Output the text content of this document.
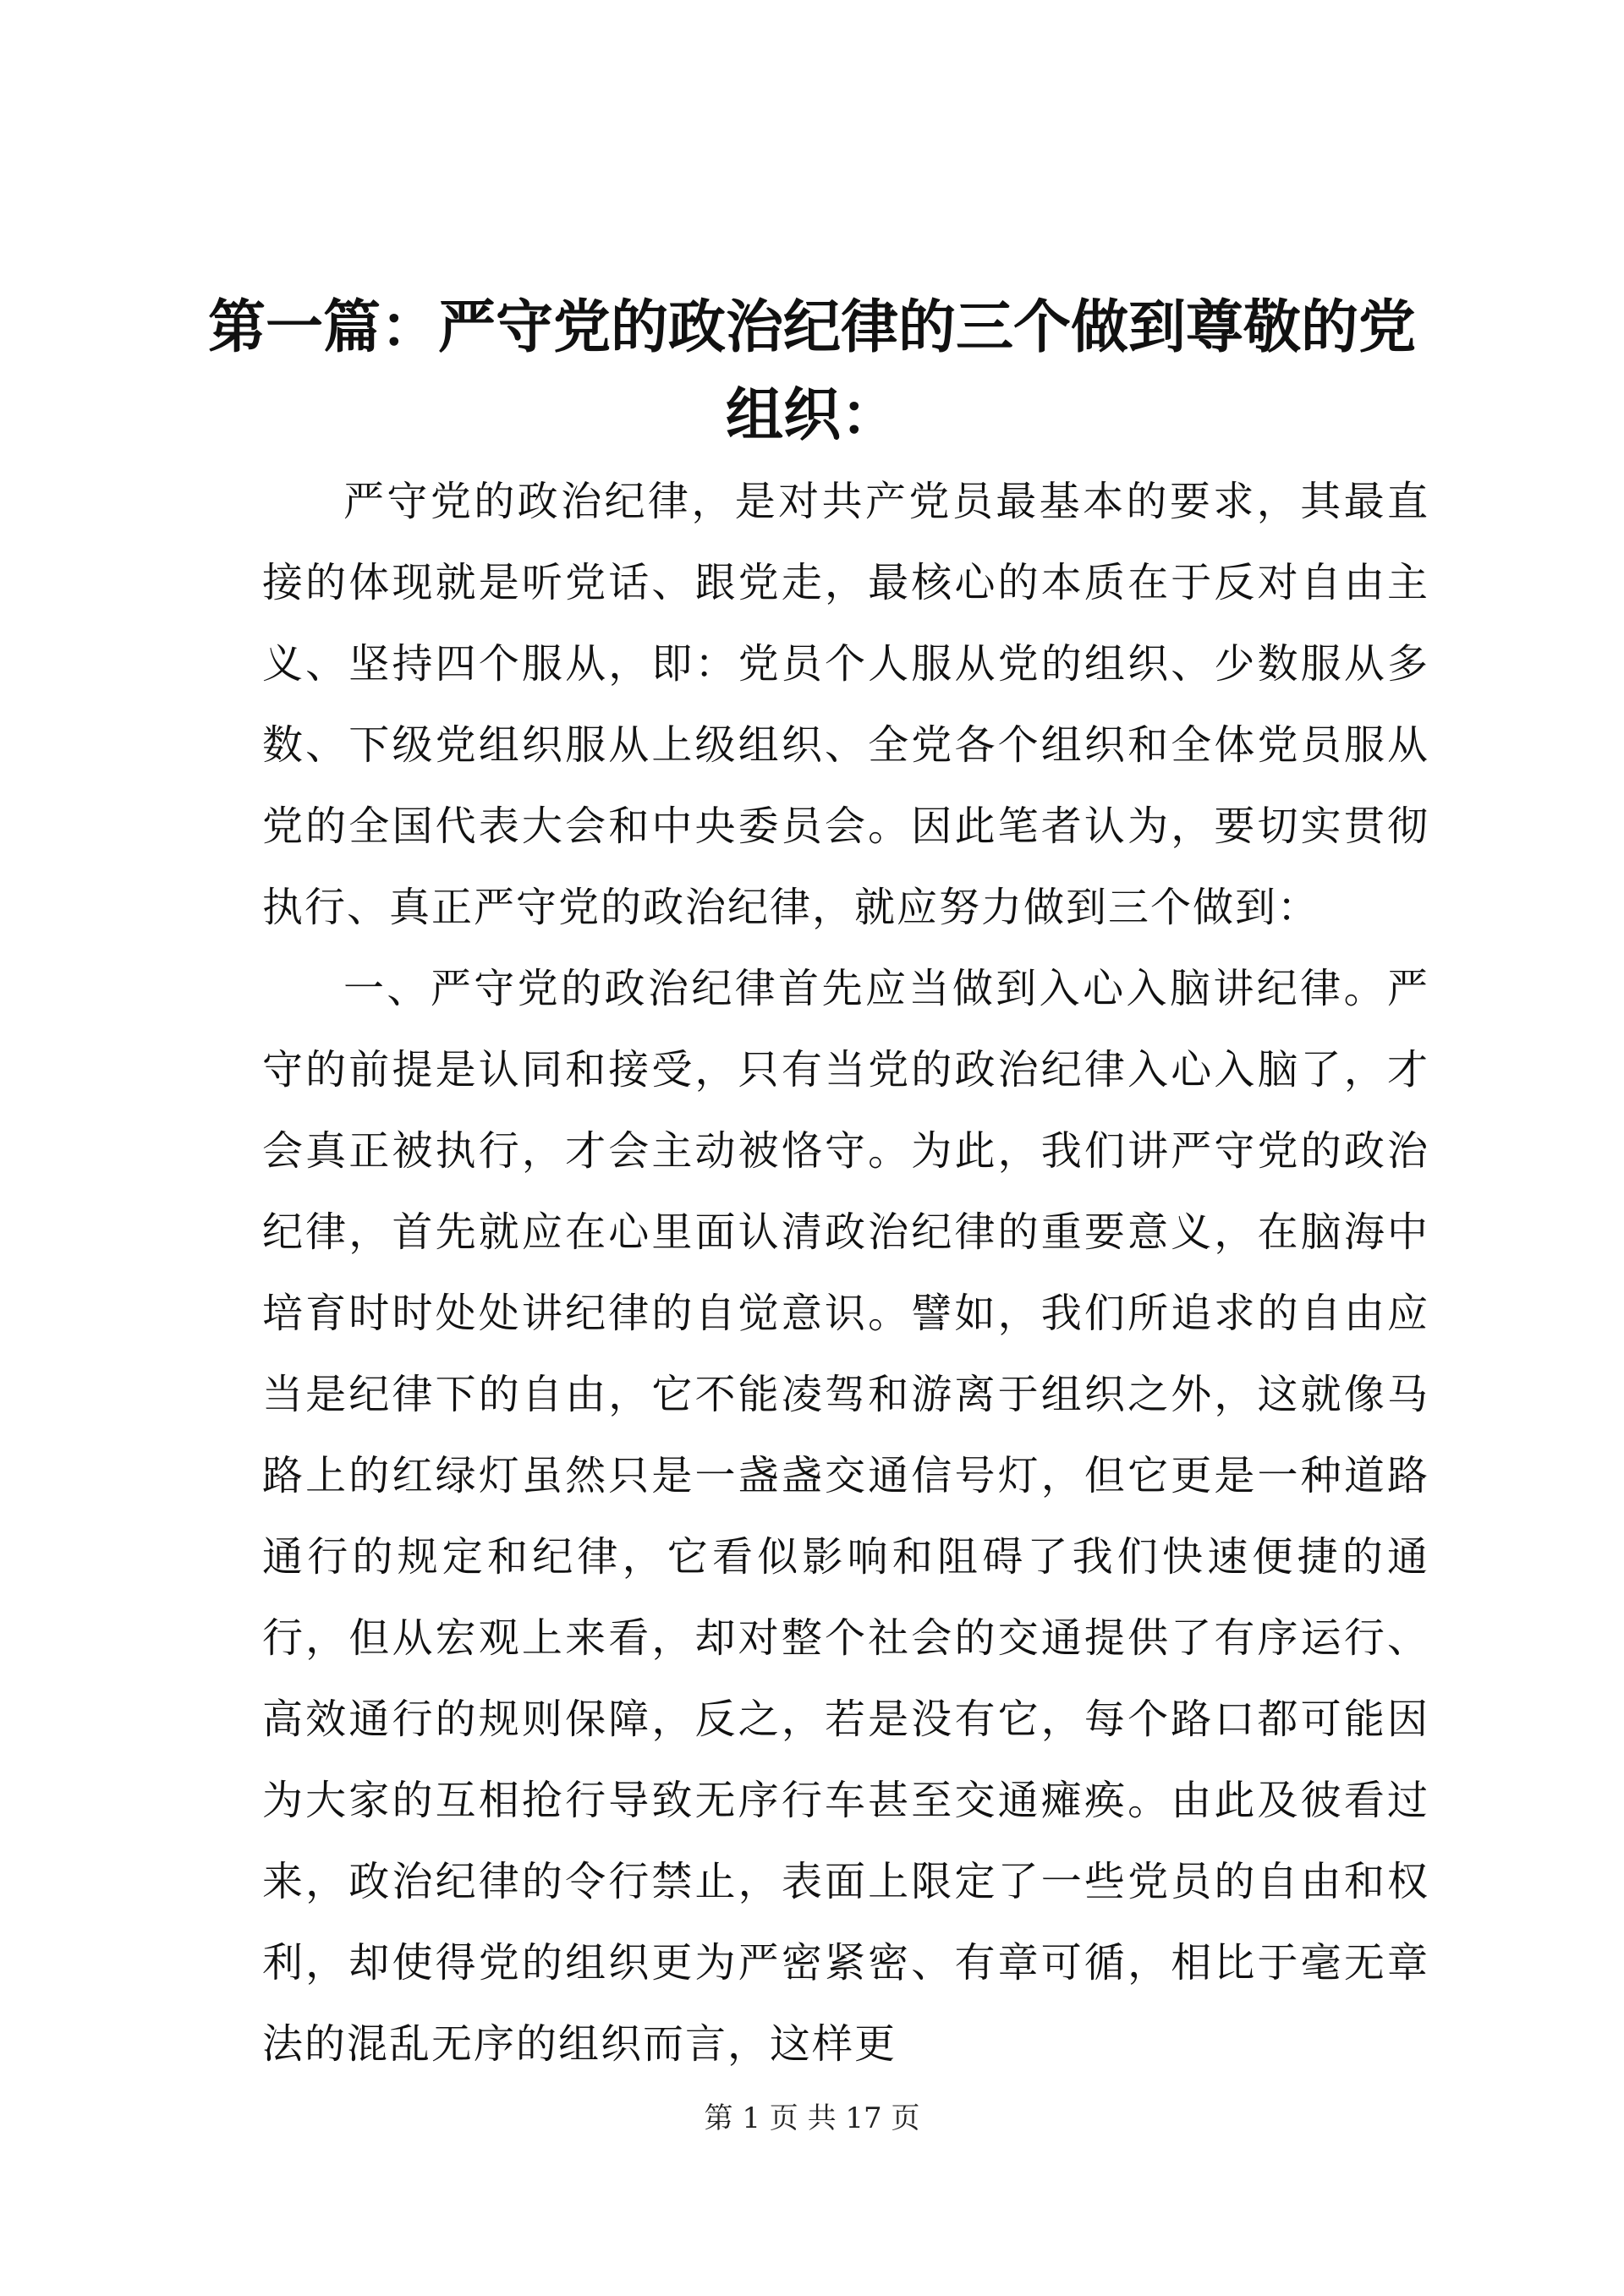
第一篇：严守党的政治纪律的三个做到尊敬的党组织：

严守党的政治纪律，是对共产党员最基本的要求，其最直接的体现就是听党话、跟党走，最核心的本质在于反对自由主义、坚持四个服从，即：党员个人服从党的组织、少数服从多数、下级党组织服从上级组织、全党各个组织和全体党员服从党的全国代表大会和中央委员会。因此笔者认为，要切实贯彻执行、真正严守党的政治纪律，就应努力做到三个做到：

一、严守党的政治纪律首先应当做到入心入脑讲纪律。严守的前提是认同和接受，只有当党的政治纪律入心入脑了，才会真正被执行，才会主动被恪守。为此，我们讲严守党的政治纪律，首先就应在心里面认清政治纪律的重要意义，在脑海中培育时时处处讲纪律的自觉意识。譬如，我们所追求的自由应当是纪律下的自由，它不能凌驾和游离于组织之外，这就像马路上的红绿灯虽然只是一盏盏交通信号灯，但它更是一种道路通行的规定和纪律，它看似影响和阻碍了我们快速便捷的通行，但从宏观上来看，却对整个社会的交通提供了有序运行、高效通行的规则保障，反之，若是没有它，每个路口都可能因为大家的互相抢行导致无序行车甚至交通瘫痪。由此及彼看过来，政治纪律的令行禁止，表面上限定了一些党员的自由和权利，却使得党的组织更为严密紧密、有章可循，相比于毫无章法的混乱无序的组织而言，这样更

第 1 页 共 17 页
